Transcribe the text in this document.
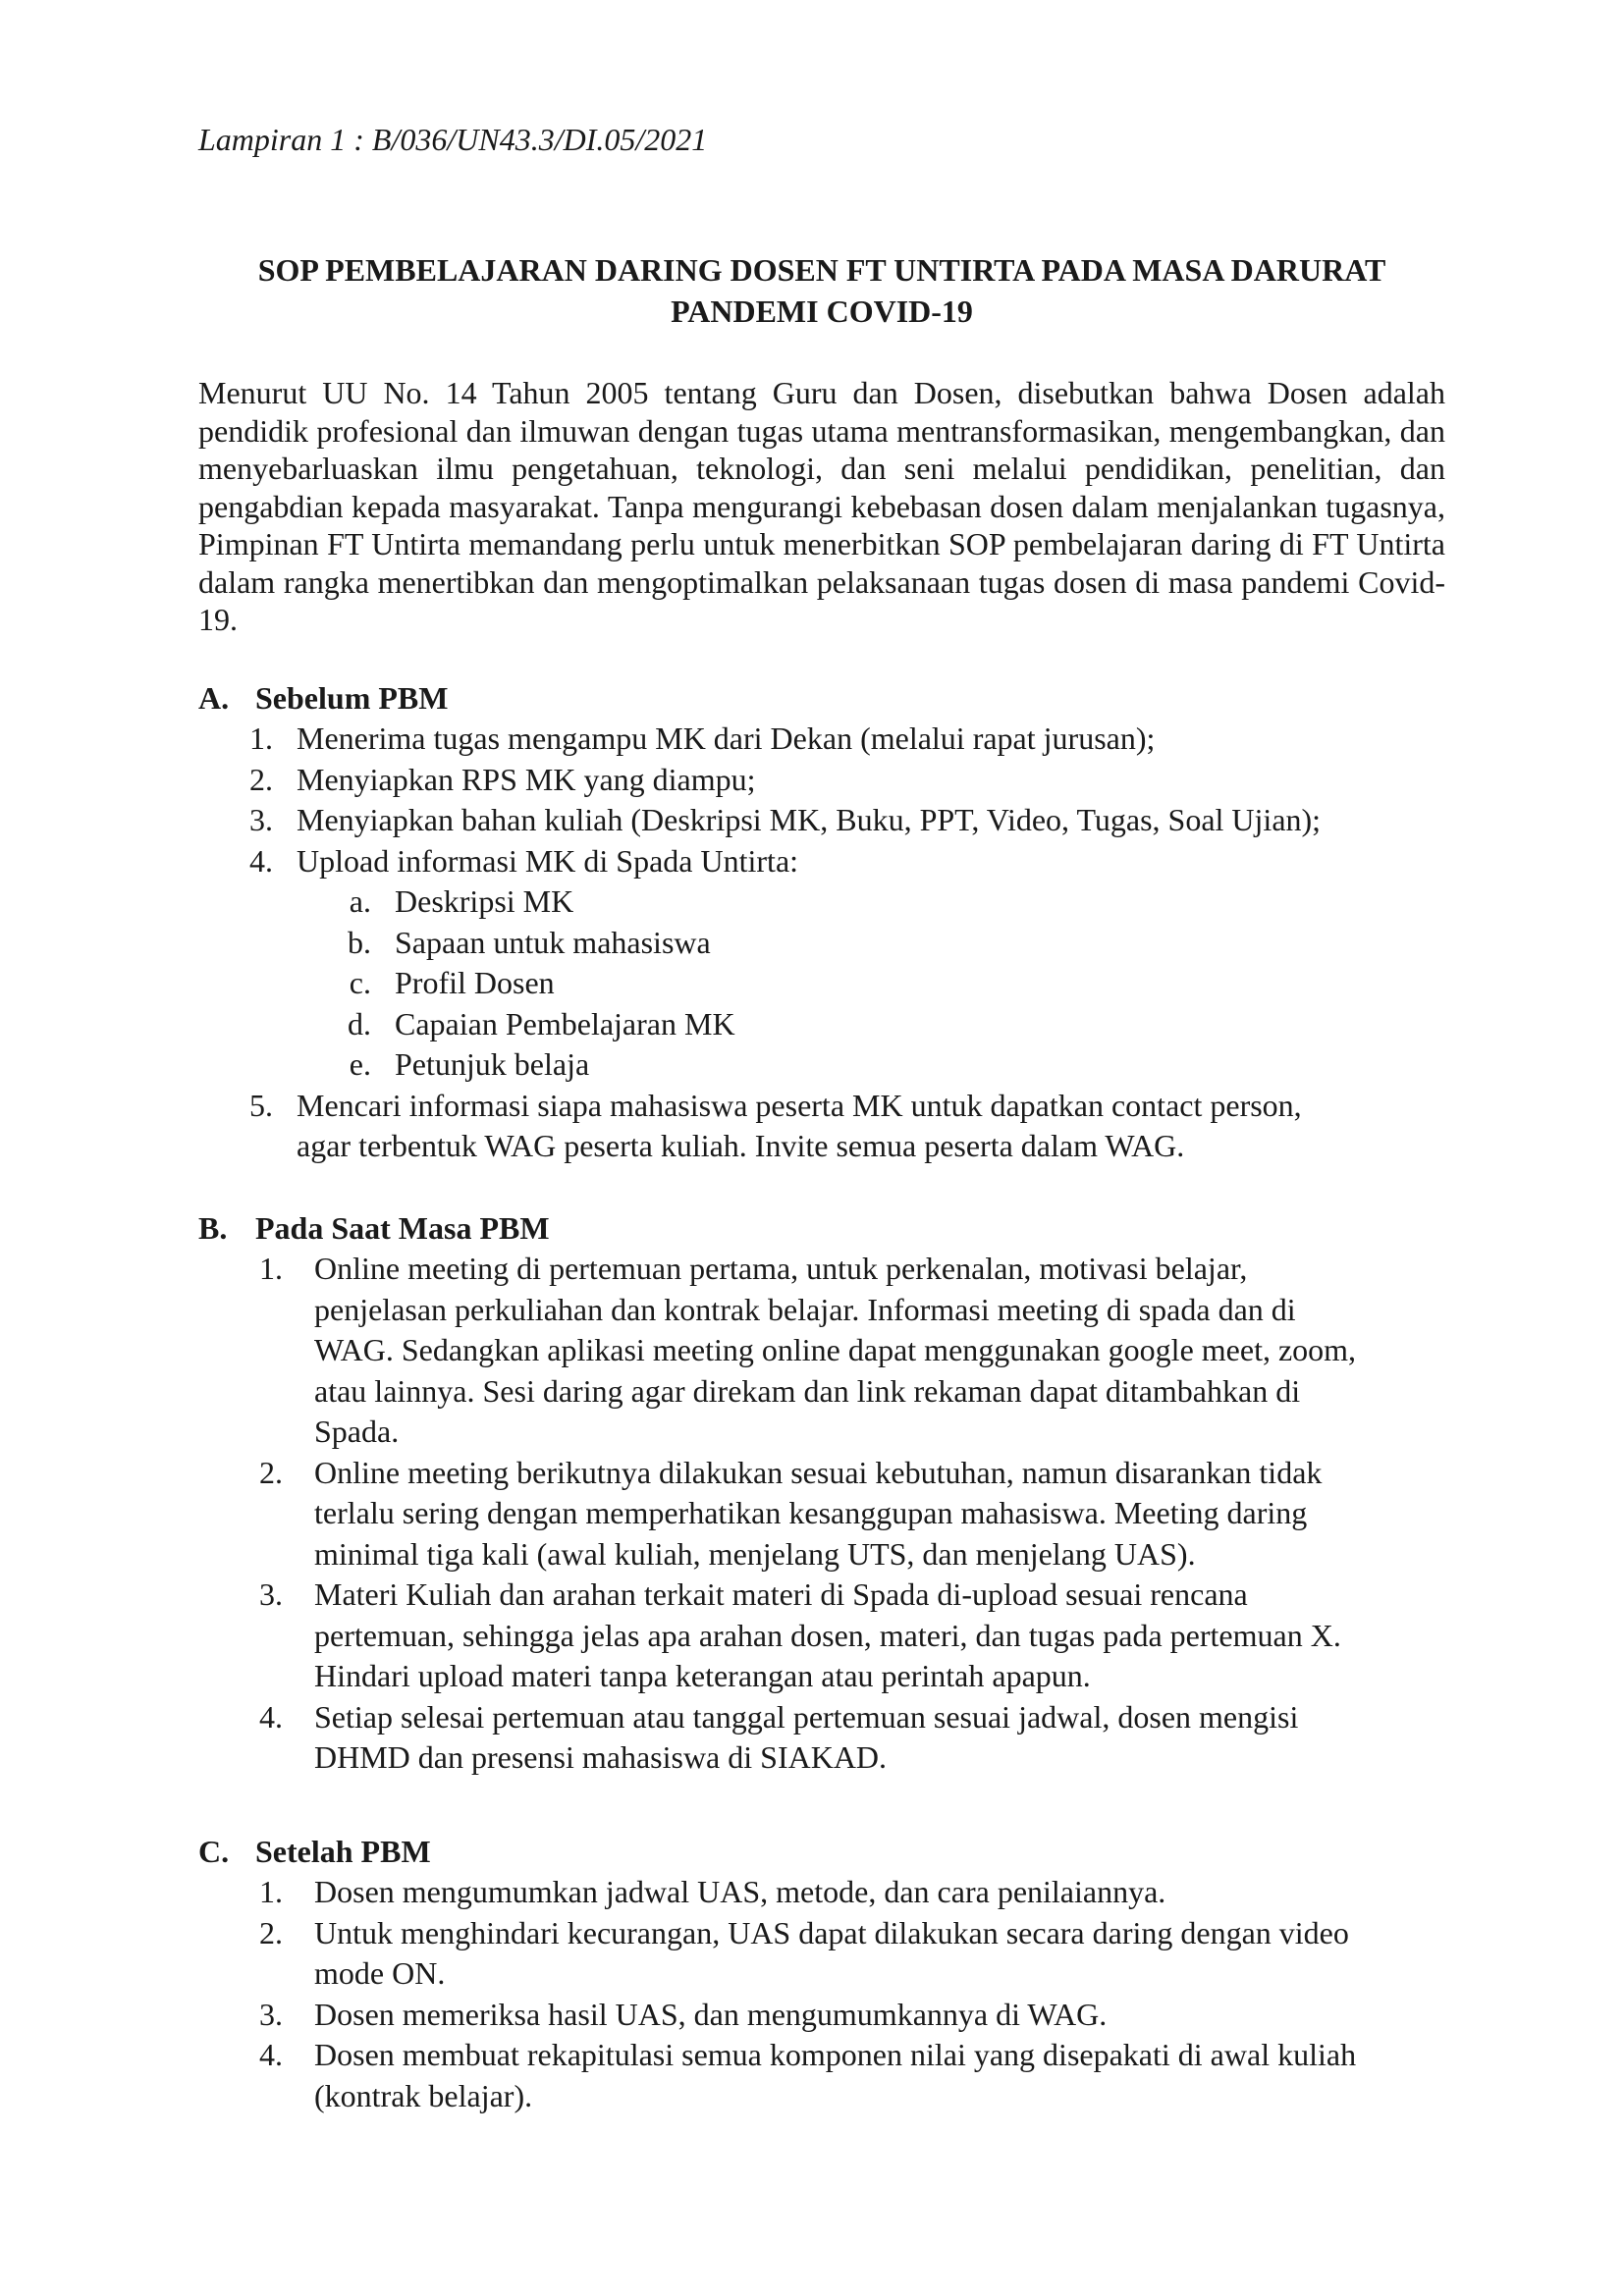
Lampiran 1 : B/036/UN43.3/DI.05/2021
SOP PEMBELAJARAN DARING DOSEN FT UNTIRTA PADA MASA DARURAT
PANDEMI COVID-19
Menurut UU No. 14 Tahun 2005 tentang Guru dan Dosen, disebutkan bahwa Dosen adalah pendidik profesional dan ilmuwan dengan tugas utama mentransformasikan, mengembangkan, dan menyebarluaskan ilmu pengetahuan, teknologi, dan seni melalui pendidikan, penelitian, dan pengabdian kepada masyarakat. Tanpa mengurangi kebebasan dosen dalam menjalankan tugasnya, Pimpinan FT Untirta memandang perlu untuk menerbitkan SOP pembelajaran daring di FT Untirta dalam rangka menertibkan dan mengoptimalkan pelaksanaan tugas dosen di masa pandemi Covid-19.
A. Sebelum PBM
1. Menerima tugas mengampu MK dari Dekan (melalui rapat jurusan);
2. Menyiapkan RPS MK yang diampu;
3. Menyiapkan bahan kuliah (Deskripsi MK, Buku, PPT, Video, Tugas, Soal Ujian);
4. Upload informasi MK di Spada Untirta:
a. Deskripsi MK
b. Sapaan untuk mahasiswa
c. Profil Dosen
d. Capaian Pembelajaran MK
e. Petunjuk belaja
5. Mencari informasi siapa mahasiswa peserta MK untuk dapatkan contact person, agar terbentuk WAG peserta kuliah. Invite semua peserta dalam WAG.
B. Pada Saat Masa PBM
1. Online meeting di pertemuan pertama, untuk perkenalan, motivasi belajar, penjelasan perkuliahan dan kontrak belajar. Informasi meeting di spada dan di WAG. Sedangkan aplikasi meeting online dapat menggunakan google meet, zoom, atau lainnya. Sesi daring agar direkam dan link rekaman dapat ditambahkan di Spada.
2. Online meeting berikutnya dilakukan sesuai kebutuhan, namun disarankan tidak terlalu sering dengan memperhatikan kesanggupan mahasiswa. Meeting daring minimal tiga kali (awal kuliah, menjelang UTS, dan menjelang UAS).
3. Materi Kuliah dan arahan terkait materi di Spada di-upload sesuai rencana pertemuan, sehingga jelas apa arahan dosen, materi, dan tugas pada pertemuan X. Hindari upload materi tanpa keterangan atau perintah apapun.
4. Setiap selesai pertemuan atau tanggal pertemuan sesuai jadwal, dosen mengisi DHMD dan presensi mahasiswa di SIAKAD.
C. Setelah PBM
1. Dosen mengumumkan jadwal UAS, metode, dan cara penilaiannya.
2. Untuk menghindari kecurangan, UAS dapat dilakukan secara daring dengan video mode ON.
3. Dosen memeriksa hasil UAS, dan mengumumkannya di WAG.
4. Dosen membuat rekapitulasi semua komponen nilai yang disepakati di awal kuliah (kontrak belajar).
